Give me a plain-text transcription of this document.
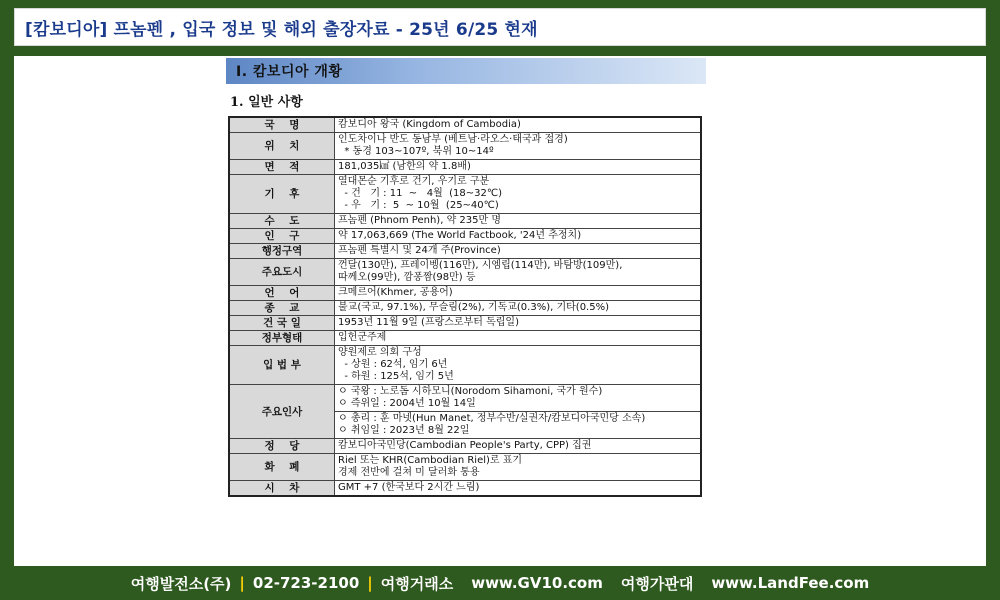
[캄보디아] 프놈펜 , 입국 정보 및 해외 출장자료 - 25년 6/25 현재
Ⅰ. 캄보디아 개황
1. 일반 사항
국    명	캄보디아 왕국 (Kingdom of Cambodia)

위    치	인도차이나 반도 동남부 (베트남·라오스·태국과 접경)
* 동경 103~107º, 북위 10~14º

면    적	181,035㎢ (남한의 약 1.8배)

기    후	열대몬순 기후로 건기, 우기로 구분
- 건   기 : 11  ~   4월  (18~32℃)
- 우   기 :  5  ~ 10월  (25~40℃)

수    도	프놈펜 (Phnom Penh), 약 235만 명

인    구	약 17,063,669 (The World Factbook, '24년 추정치)

행정구역	프놈펜 특별시 및 24개 주(Province)

주요도시	껀달(130만), 프레이벵(116만), 시엠립(114만), 바탐방(109만),
따께오(99만), 깜퐁짬(98만) 등

언    어	크메르어(Khmer, 공용어)

종    교	불교(국교, 97.1%), 무슬림(2%), 기독교(0.3%), 기타(0.5%)

건 국 일	1953년 11월 9일 (프랑스로부터 독립일)

정부형태	입헌군주제

입 법 부	양원제로 의회 구성
- 상원 : 62석, 임기 6년
- 하원 : 125석, 임기 5년

주요인사	ㅇ 국왕 : 노로돔 시하모니(Norodom Sihamoni, 국가 원수)
ㅇ 즉위일 : 2004년 10월 14일

	ㅇ 총리 : 훈 마넷(Hun Manet, 정부수반/실권자/캄보디아국민당 소속)
ㅇ 취임일 : 2023년 8월 22일

정    당	캄보디아국민당(Cambodian People's Party, CPP) 집권

화    폐	Riel 또는 KHR(Cambodian Riel)로 표기
경제 전반에 걸쳐 미 달러화 통용

시    차	GMT +7 (한국보다 2시간 느림)
여행발전소(주) | 02-723-2100 | 여행거래소 www.GV10.com 여행가판대 www.LandFee.com
